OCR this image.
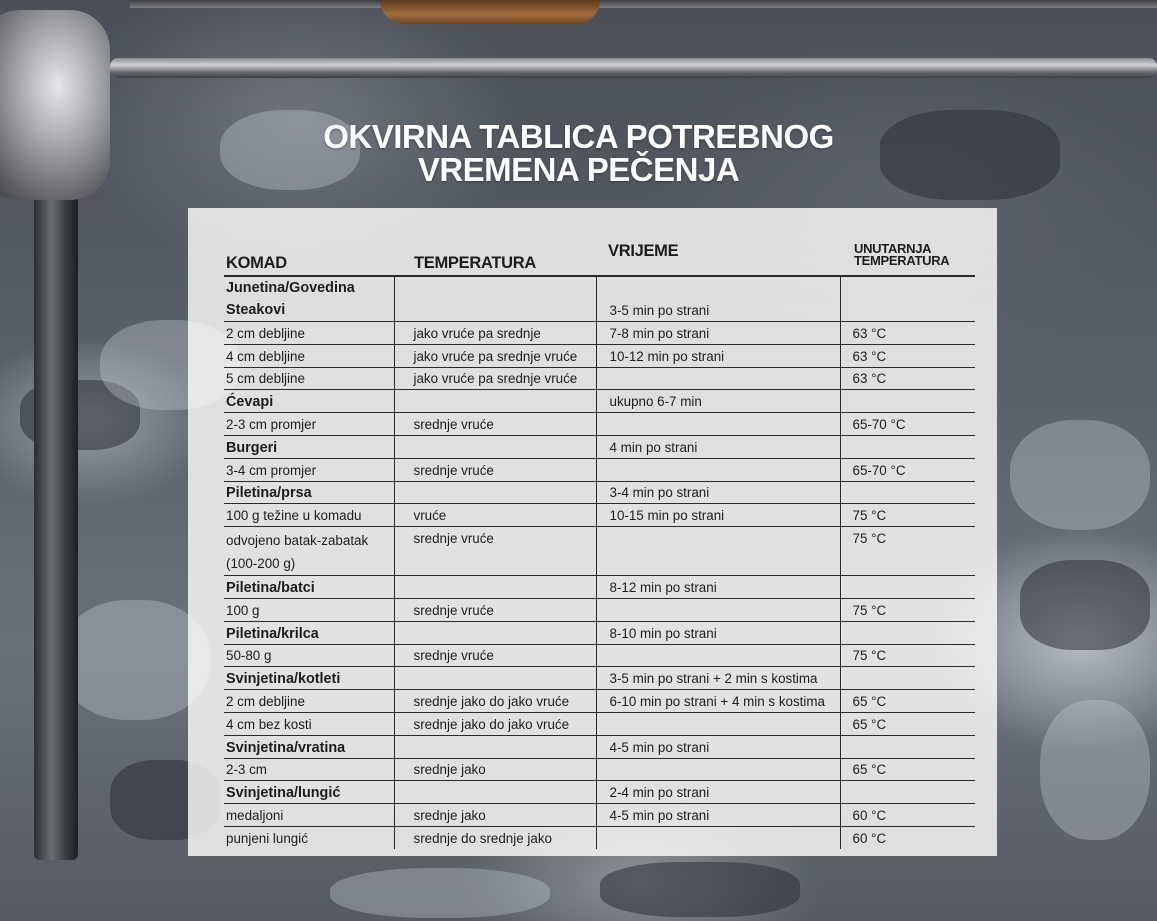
OKVIRNA TABLICA POTREBNOG
VREMENA PEČENJA
KOMAD	TEMPERATURA	VRIJEME	UNUTARNJA
TEMPERATURA

Junetina/Govedina
Steakovi		3-5 min po strani	
2 cm debljine	jako vruće pa srednje	7-8 min po strani	63 °C
4 cm debljine	jako vruće pa srednje vruće	10-12 min po strani	63 °C
5 cm debljine	jako vruće pa srednje vruće		63 °C
Ćevapi		ukupno 6-7 min	
2-3 cm promjer	srednje vruće		65-70 °C
Burgeri		4 min po strani	
3-4 cm promjer	srednje vruće		65-70 °C
Piletina/prsa		3-4 min po strani	
100 g težine u komadu	vruće	10-15 min po strani	75 °C
odvojeno batak-zabatak (100-200 g)	srednje vruće		75 °C
Piletina/batci		8-12 min po strani	
100 g	srednje vruće		75 °C
Piletina/krilca		8-10 min po strani	
50-80 g	srednje vruće		75 °C
Svinjetina/kotleti		3-5 min po strani + 2 min s kostima	
2 cm debljine	srednje jako do jako vruće	6-10 min po strani + 4 min s kostima	65 °C
4 cm bez kosti	srednje jako do jako vruće		65 °C
Svinjetina/vratina		4-5 min po strani	
2-3 cm	srednje jako		65 °C
Svinjetina/lungić		2-4 min po strani	
medaljoni	srednje jako	4-5 min po strani	60 °C
punjeni lungić	srednje do srednje jako		60 °C
